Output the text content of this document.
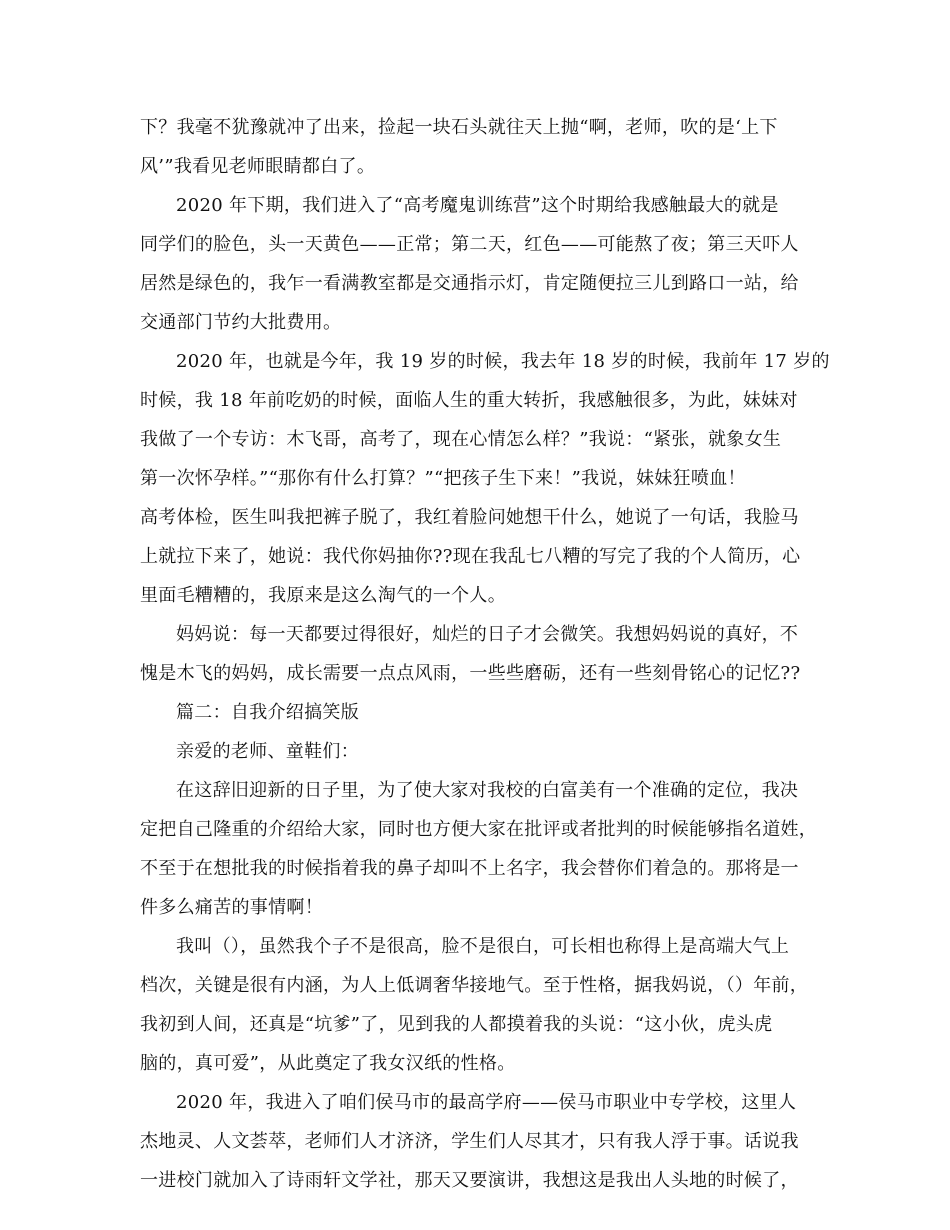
下？我毫不犹豫就冲了出来，捡起一块石头就往天上抛“啊，老师，吹的是‘上下
风’”我看见老师眼睛都白了。
2020 年下期，我们进入了“高考魔鬼训练营”这个时期给我感触最大的就是
同学们的脸色，头一天黄色——正常；第二天，红色——可能熬了夜；第三天吓人
居然是绿色的，我乍一看满教室都是交通指示灯，肯定随便拉三儿到路口一站，给
交通部门节约大批费用。
2020 年，也就是今年，我 19 岁的时候，我去年 18 岁的时候，我前年 17 岁的
时候，我 18 年前吃奶的时候，面临人生的重大转折，我感触很多，为此，妹妹对
我做了一个专访：木飞哥，高考了，现在心情怎么样？”我说：“紧张，就象女生
第一次怀孕样。”“那你有什么打算？”“把孩子生下来！”我说，妹妹狂喷血！
高考体检，医生叫我把裤子脱了，我红着脸问她想干什么，她说了一句话，我脸马
上就拉下来了，她说：我代你妈抽你??现在我乱七八糟的写完了我的个人简历，心
里面毛糟糟的，我原来是这么淘气的一个人。
妈妈说：每一天都要过得很好，灿烂的日子才会微笑。我想妈妈说的真好，不
愧是木飞的妈妈，成长需要一点点风雨，一些些磨砺，还有一些刻骨铭心的记忆??
篇二：自我介绍搞笑版
亲爱的老师、童鞋们：
在这辞旧迎新的日子里，为了使大家对我校的白富美有一个准确的定位，我决
定把自己隆重的介绍给大家，同时也方便大家在批评或者批判的时候能够指名道姓，
不至于在想批我的时候指着我的鼻子却叫不上名字，我会替你们着急的。那将是一
件多么痛苦的事情啊！
我叫（），虽然我个子不是很高，脸不是很白，可长相也称得上是高端大气上
档次，关键是很有内涵，为人上低调奢华接地气。至于性格，据我妈说，（）年前，
我初到人间，还真是“坑爹”了，见到我的人都摸着我的头说：“这小伙，虎头虎
脑的，真可爱”，从此奠定了我女汉纸的性格。
2020 年，我进入了咱们侯马市的最高学府——侯马市职业中专学校，这里人
杰地灵、人文荟萃，老师们人才济济，学生们人尽其才，只有我人浮于事。话说我
一进校门就加入了诗雨轩文学社，那天又要演讲，我想这是我出人头地的时候了，
